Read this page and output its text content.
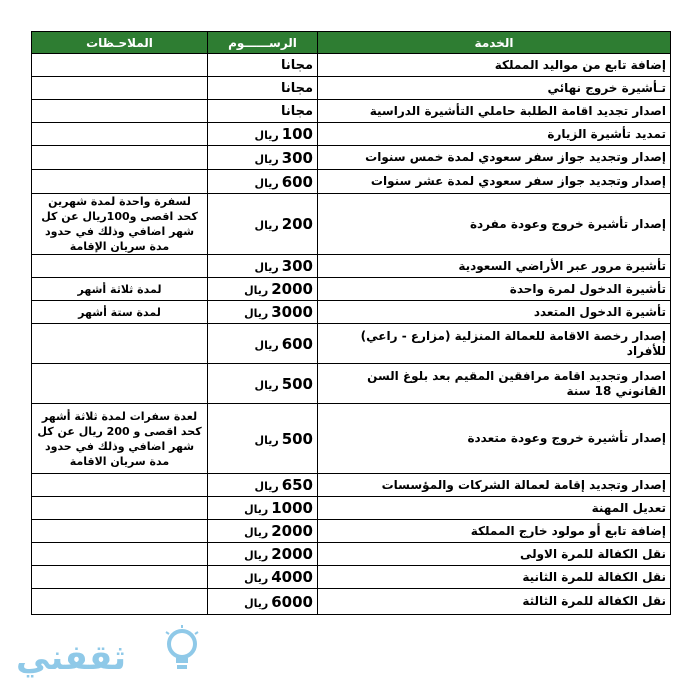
الخدمة	الرســــــوم	الملاحـظات
إضافة تابع من مواليد المملكة	مجانا	
تـأشيرة خروج نهائي	مجانا	
اصدار تجديد اقامة الطلبة حاملي التأشيرة الدراسية	مجانا	
تمديد تأشيرة الزيارة	100ريال	
إصدار وتجديد جواز سفر سعودي لمدة خمس سنوات	300ريال	
إصدار وتجديد جواز سفر سعودي لمدة عشر سنوات	600ريال	
إصدار تأشيرة خروج وعودة مفردة	200ريال	لسفرة واحدة لمدة شهرين كحد اقصى و100ريال عن كل شهر اضافي وذلك في حدود مدة سريان الإقامة
تأشيرة مرور عبر الأراضي السعودية	300ريال	
تأشيرة الدخول لمرة واحدة	2000ريال	لمدة ثلاثة أشهر
تأشيرة الدخول المتعدد	3000ريال	لمدة ستة أشهر
إصدار رخصة الاقامة للعمالة المنزلية (مزارع - راعي) للأفراد	600ريال	
اصدار وتجديد اقامة مرافقين المقيم بعد بلوغ السن القانوني 18 سنة	500ريال	
إصدار تأشيرة خروج وعودة متعددة	500ريال	لعدة سفرات لمدة ثلاثة أشهر كحد اقصى و 200 ريال عن كل شهر اضافي وذلك في حدود مدة سريان الاقامة
إصدار وتجديد إقامة لعمالة الشركات والمؤسسات	650ريال	
تعديل المهنة	1000ريال	
إضافة تابع أو مولود خارج المملكة	2000ريال	
نقل الكفالة للمرة الاولى	2000ريال	
نقل الكفالة للمرة الثانية	4000ريال	
نقل الكفالة للمرة الثالثة	6000ريال	
ثقفني
